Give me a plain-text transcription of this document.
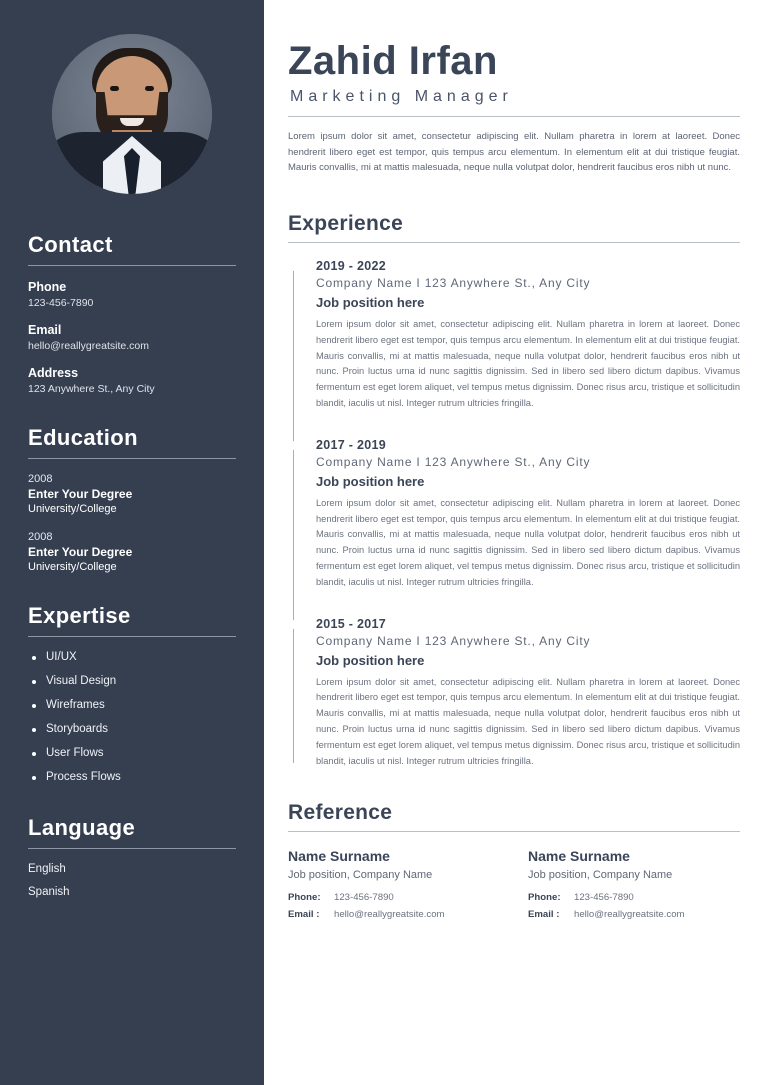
Contact
Phone
123-456-7890
Email
hello@reallygreatsite.com
Address
123 Anywhere St., Any City
Education
2008
Enter Your Degree
University/College
2008
Enter Your Degree
University/College
Expertise
UI/UX
Visual Design
Wireframes
Storyboards
User Flows
Process Flows
Language
English
Spanish
Zahid Irfan
Marketing Manager

Lorem ipsum dolor sit amet, consectetur adipiscing elit. Nullam pharetra in lorem at laoreet. Donec hendrerit libero eget est tempor, quis tempus arcu elementum. In elementum elit at dui tristique feugiat. Mauris convallis, mi at mattis malesuada, neque nulla volutpat dolor, hendrerit faucibus eros nibh ut nunc.

Experience
2019 - 2022
Company Name I 123 Anywhere St., Any City
Job position here

Lorem ipsum dolor sit amet, consectetur adipiscing elit. Nullam pharetra in lorem at laoreet. Donec hendrerit libero eget est tempor, quis tempus arcu elementum. In elementum elit at dui tristique feugiat. Mauris convallis, mi at mattis malesuada, neque nulla volutpat dolor, hendrerit faucibus eros nibh ut nunc. Proin luctus urna id nunc sagittis dignissim. Sed in libero sed libero dictum dapibus. Vivamus fermentum est eget lorem aliquet, vel tempus metus dignissim. Donec risus arcu, tristique et sollicitudin blandit, iaculis ut nisl. Integer rutrum ultricies fringilla.

2017 - 2019
Company Name I 123 Anywhere St., Any City
Job position here

Lorem ipsum dolor sit amet, consectetur adipiscing elit. Nullam pharetra in lorem at laoreet. Donec hendrerit libero eget est tempor, quis tempus arcu elementum. In elementum elit at dui tristique feugiat. Mauris convallis, mi at mattis malesuada, neque nulla volutpat dolor, hendrerit faucibus eros nibh ut nunc. Proin luctus urna id nunc sagittis dignissim. Sed in libero sed libero dictum dapibus. Vivamus fermentum est eget lorem aliquet, vel tempus metus dignissim. Donec risus arcu, tristique et sollicitudin blandit, iaculis ut nisl. Integer rutrum ultricies fringilla.

2015 - 2017
Company Name I 123 Anywhere St., Any City
Job position here

Lorem ipsum dolor sit amet, consectetur adipiscing elit. Nullam pharetra in lorem at laoreet. Donec hendrerit libero eget est tempor, quis tempus arcu elementum. In elementum elit at dui tristique feugiat. Mauris convallis, mi at mattis malesuada, neque nulla volutpat dolor, hendrerit faucibus eros nibh ut nunc. Proin luctus urna id nunc sagittis dignissim. Sed in libero sed libero dictum dapibus. Vivamus fermentum est eget lorem aliquet, vel tempus metus dignissim. Donec risus arcu, tristique et sollicitudin blandit, iaculis ut nisl. Integer rutrum ultricies fringilla.

Reference
Name Surname
Job position, Company Name
Phone: 123-456-7890
Email : hello@reallygreatsite.com
Name Surname
Job position, Company Name
Phone: 123-456-7890
Email : hello@reallygreatsite.com
